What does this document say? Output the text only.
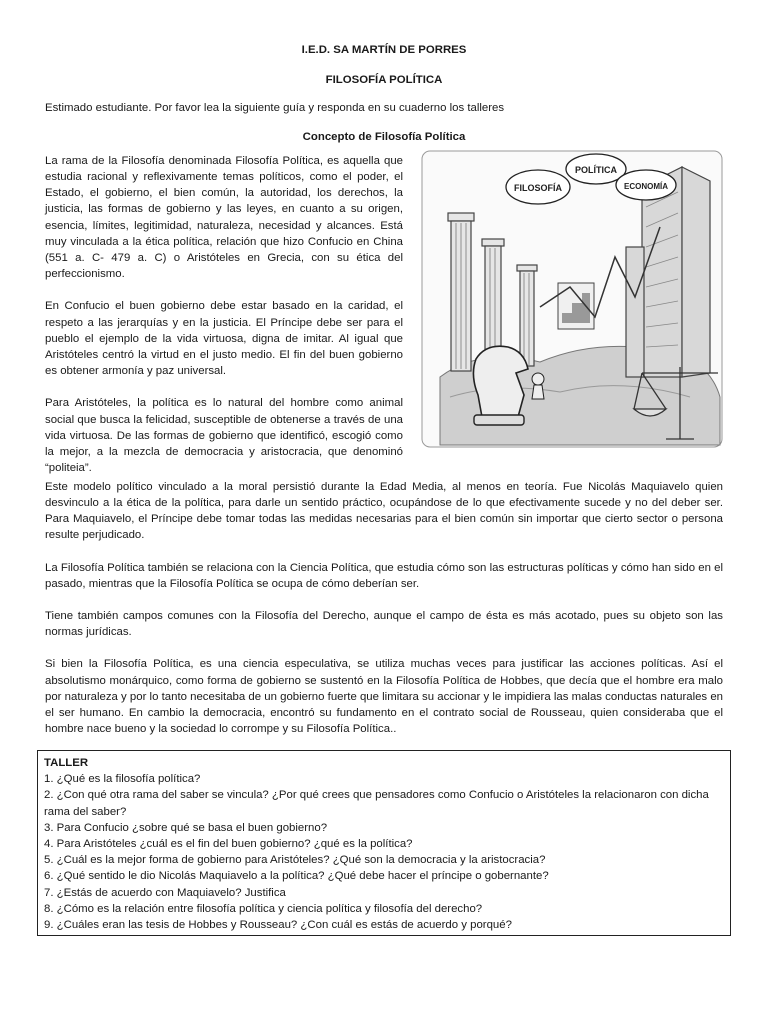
I.E.D. SA MARTÍN DE PORRES
FILOSOFÍA POLÍTICA
Estimado estudiante. Por favor lea la siguiente guía y responda en su cuaderno los talleres
Concepto de Filosofía Política

La rama de la Filosofía denominada Filosofía Política, es aquella que estudia racional y reflexivamente temas políticos, como el poder, el Estado, el gobierno, el bien común, la autoridad, los derechos, la justicia, las formas de gobierno y las leyes, en cuanto a su origen, esencia, límites, legitimidad, naturaleza, necesidad y alcances. Está muy vinculada a la ética política, relación que hizo Confucio en China (551 a. C- 479 a. C) o Aristóteles en Grecia, con su ética del perfeccionismo.

En Confucio el buen gobierno debe estar basado en la caridad, el respeto a las jerarquías y en la justicia. El Príncipe debe ser para el pueblo el ejemplo de la vida virtuosa, digna de imitar. Al igual que Aristóteles centró la virtud en el justo medio. El fin del buen gobierno es obtener armonía y paz universal.

Para Aristóteles, la política es lo natural del hombre como animal social que busca la felicidad, susceptible de obtenerse a través de una vida virtuosa. De las formas de gobierno que identificó, escogió como la mejor, a la mezcla de democracia y aristocracia, que denominó “politeia”.

FILOSOFÍA
POLÍTICA
ECONOMÍA

Este modelo político vinculado a la moral persistió durante la Edad Media, al menos en teoría. Fue Nicolás Maquiavelo quien desvinculo a la ética de la política, para darle un sentido práctico, ocupándose de lo que efectivamente sucede y no del deber ser. Para Maquiavelo, el Príncipe debe tomar todas las medidas necesarias para el bien común sin importar que cierto sector o persona resulte perjudicado.

La Filosofía Política también se relaciona con la Ciencia Política, que estudia cómo son las estructuras políticas y cómo han sido en el pasado, mientras que la Filosofía Política se ocupa de cómo deberían ser.

Tiene también campos comunes con la Filosofía del Derecho, aunque el campo de ésta es más acotado, pues su objeto son las normas jurídicas.

Si bien la Filosofía Política, es una ciencia especulativa, se utiliza muchas veces para justificar las acciones políticas. Así el absolutismo monárquico, como forma de gobierno se sustentó en la Filosofía Política de Hobbes, que decía que el hombre era malo por naturaleza y por lo tanto necesitaba de un gobierno fuerte que limitara su accionar y le impidiera las malas conductas naturales en el ser humano. En cambio la democracia, encontró su fundamento en el contrato social de Rousseau, quien consideraba que el hombre nace bueno y la sociedad lo corrompe y su Filosofía Política..

TALLER
1. ¿Qué es la filosofía política?
2. ¿Con qué otra rama del saber se vincula? ¿Por qué crees que pensadores como Confucio o Aristóteles la relacionaron con dicha rama del saber?
3. Para Confucio ¿sobre qué se basa el buen gobierno?
4. Para Aristóteles ¿cuál es el fin del buen gobierno? ¿qué es la política?
5. ¿Cuál es la mejor forma de gobierno para Aristóteles? ¿Qué son la democracia y la aristocracia?
6. ¿Qué sentido le dio Nicolás Maquiavelo a la política? ¿Qué debe hacer el príncipe o gobernante?
7. ¿Estás de acuerdo con Maquiavelo? Justifica
8. ¿Cómo es la relación entre filosofía política y ciencia política y filosofía del derecho?
9. ¿Cuáles eran las tesis de Hobbes y Rousseau? ¿Con cuál es estás de acuerdo y porqué?
